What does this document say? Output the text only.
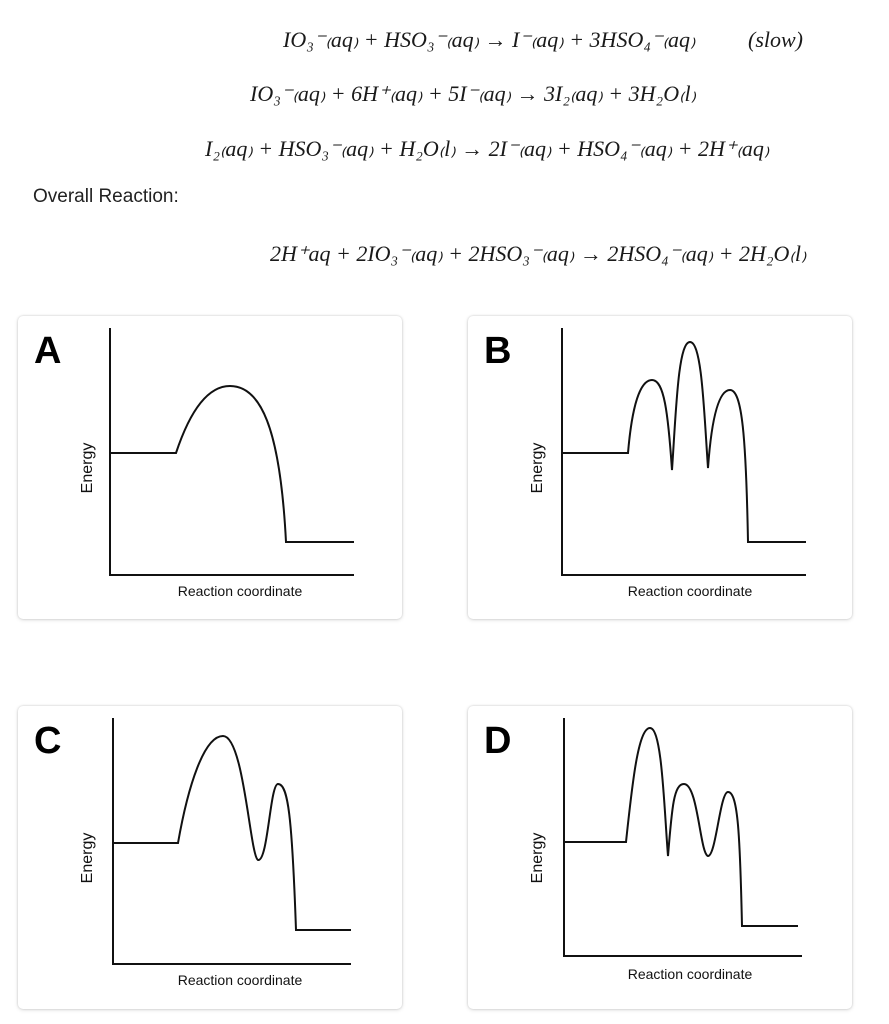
IO₃⁻₍aq₎ + HSO₃⁻₍aq₎ → I⁻₍aq₎ + 3HSO₄⁻₍aq₎ (slow)
IO₃⁻₍aq₎ + 6H⁺₍aq₎ + 5I⁻₍aq₎ → 3I₂₍aq₎ + 3H₂O₍l₎
I₂₍aq₎ + HSO₃⁻₍aq₎ + H₂O₍l₎ → 2I⁻₍aq₎ + HSO₄⁻₍aq₎ + 2H⁺₍aq₎
Overall Reaction:
2H⁺aq + 2IO₃⁻₍aq₎ + 2HSO₃⁻₍aq₎ → 2HSO₄⁻₍aq₎ + 2H₂O₍l₎
A
Energy
Reaction coordinate
B
Energy
Reaction coordinate
C
Energy
Reaction coordinate
D
Energy
Reaction coordinate
